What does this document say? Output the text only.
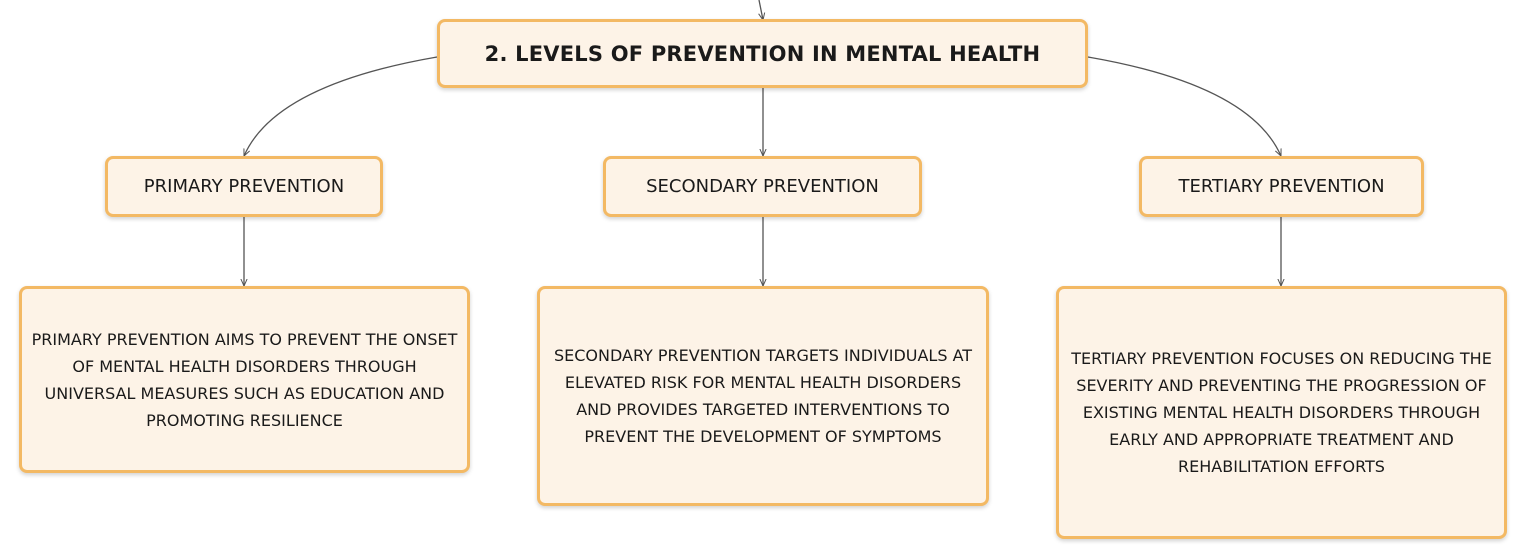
2. LEVELS OF PREVENTION IN MENTAL HEALTH
PRIMARY PREVENTION	SECONDARY PREVENTION	TERTIARY PREVENTION
PRIMARY PREVENTION AIMS TO PREVENT THE ONSET OF MENTAL HEALTH DISORDERS THROUGH UNIVERSAL MEASURES SUCH AS EDUCATION AND PROMOTING RESILIENCE
SECONDARY PREVENTION TARGETS INDIVIDUALS AT ELEVATED RISK FOR MENTAL HEALTH DISORDERS AND PROVIDES TARGETED INTERVENTIONS TO PREVENT THE DEVELOPMENT OF SYMPTOMS
TERTIARY PREVENTION FOCUSES ON REDUCING THE SEVERITY AND PREVENTING THE PROGRESSION OF EXISTING MENTAL HEALTH DISORDERS THROUGH EARLY AND APPROPRIATE TREATMENT AND REHABILITATION EFFORTS
